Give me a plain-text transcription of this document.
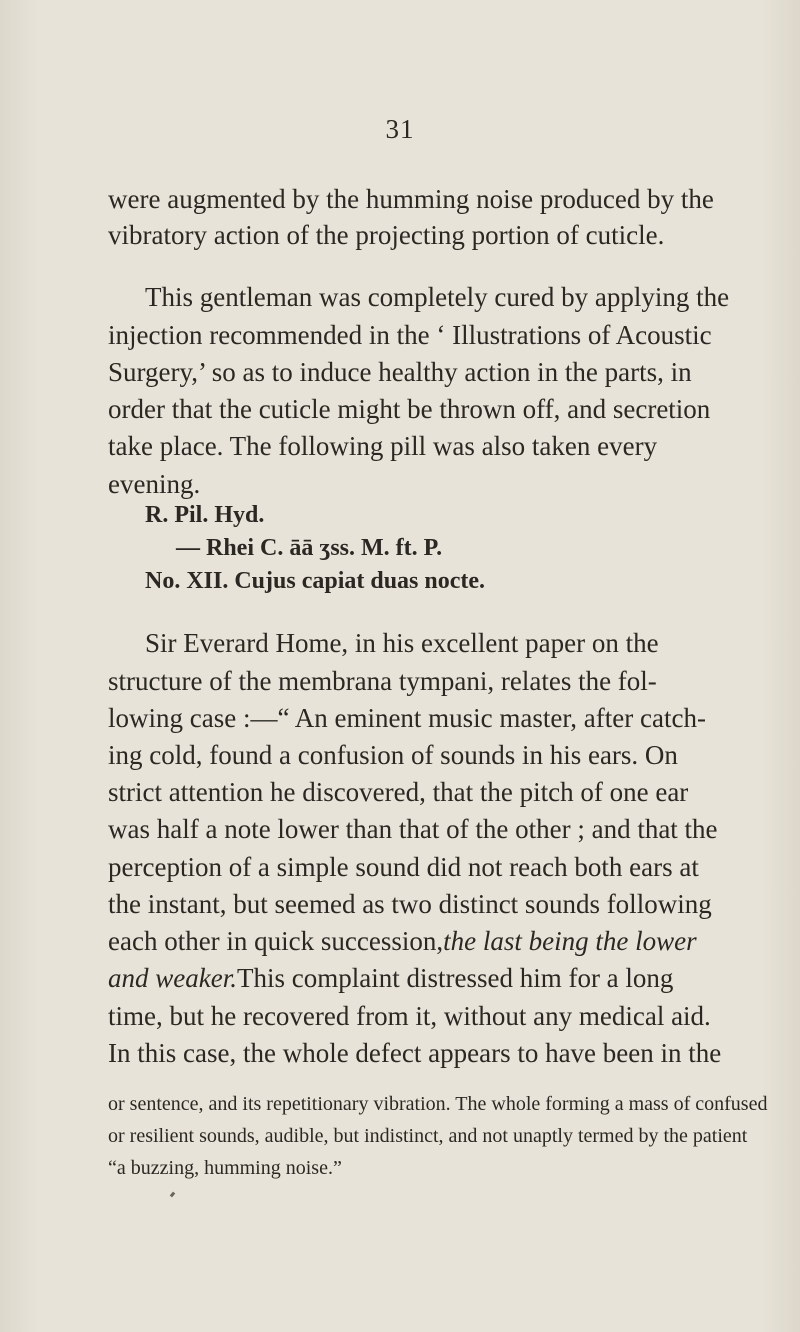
31
were augmented by the humming noise produced by the
vibratory action of the projecting portion of cuticle.
This gentleman was completely cured by applying the
injection recommended in the ‘ Illustrations of Acoustic
Surgery,’ so as to induce healthy action in the parts, in
order that the cuticle might be thrown off, and secretion
take place. The following pill was also taken every
evening.
R. Pil. Hyd.
— Rhei C. āā ʒss. M. ft. P.
No. XII. Cujus capiat duas nocte.
Sir Everard Home, in his excellent paper on the
structure of the membrana tympani, relates the fol-
lowing case :—“ An eminent music master, after catch-
ing cold, found a confusion of sounds in his ears. On
strict attention he discovered, that the pitch of one ear
was half a note lower than that of the other ; and that the
perception of a simple sound did not reach both ears at
the instant, but seemed as two distinct sounds following
each other in quick succession, the last being the lower
and weaker. This complaint distressed him for a long
time, but he recovered from it, without any medical aid.
In this case, the whole defect appears to have been in the
or sentence, and its repetitionary vibration. The whole forming a mass of confused
or resilient sounds, audible, but indistinct, and not unaptly termed by the patient
“a buzzing, humming noise.”
